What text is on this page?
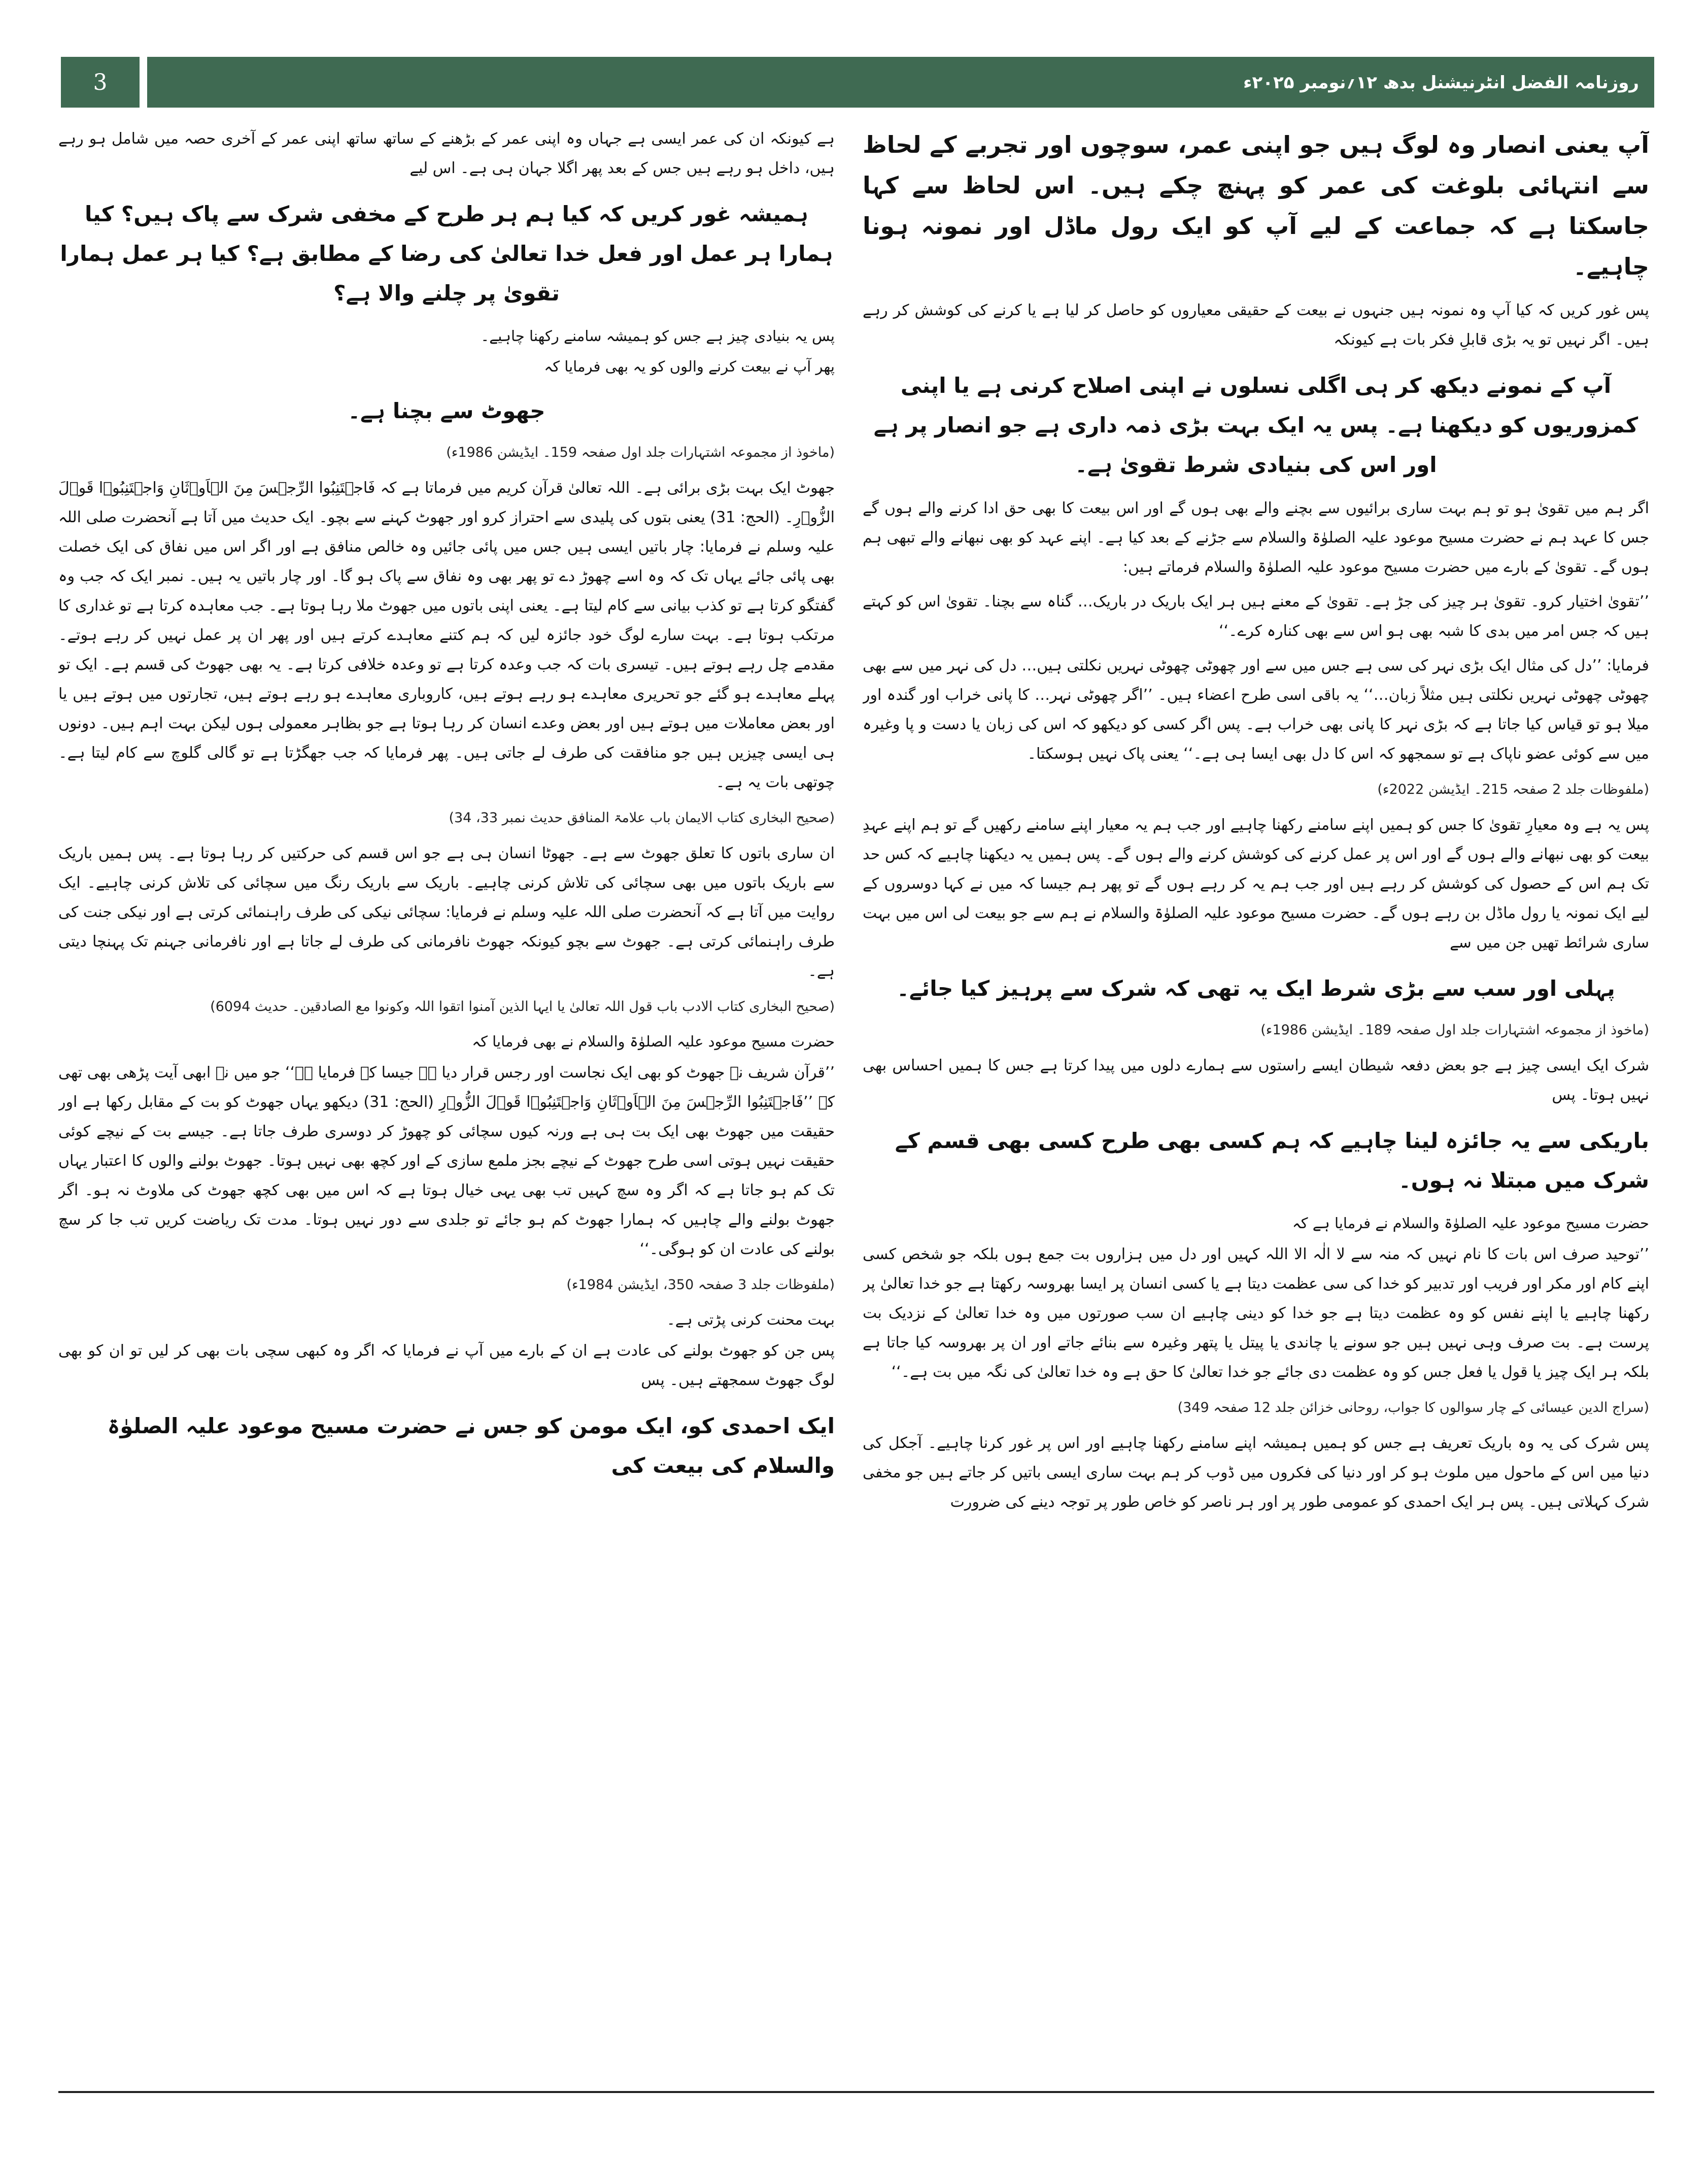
3	روزنامہ الفضل انٹرنیشنل بدھ ۱۲؍نومبر ۲۰۲۵ء

آپ یعنی انصار وہ لوگ ہیں جو اپنی عمر، سوچوں اور تجربے کے لحاظ سے انتہائی بلوغت کی عمر کو پہنچ چکے ہیں۔ اس لحاظ سے کہا جاسکتا ہے کہ جماعت کے لیے آپ کو ایک رول ماڈل اور نمونہ ہونا چاہیے۔

پس غور کریں کہ کیا آپ وہ نمونہ ہیں جنہوں نے بیعت کے حقیقی معیاروں کو حاصل کر لیا ہے یا کرنے کی کوشش کر رہے ہیں۔ اگر نہیں تو یہ بڑی قابلِ فکر بات ہے کیونکہ

آپ کے نمونے دیکھ کر ہی اگلی نسلوں نے اپنی اصلاح کرنی ہے یا اپنی کمزوریوں کو دیکھنا ہے۔ پس یہ ایک بہت بڑی ذمہ داری ہے جو انصار پر ہے اور اس کی بنیادی شرط تقویٰ ہے۔

اگر ہم میں تقویٰ ہو تو ہم بہت ساری برائیوں سے بچنے والے بھی ہوں گے اور اس بیعت کا بھی حق ادا کرنے والے ہوں گے جس کا عہد ہم نے حضرت مسیح موعود علیہ الصلوٰۃ والسلام سے جڑنے کے بعد کیا ہے۔ اپنے عہد کو بھی نبھانے والے تبھی ہم ہوں گے۔ تقویٰ کے بارے میں حضرت مسیح موعود علیہ الصلوٰۃ والسلام فرماتے ہیں:

’’تقویٰ اختیار کرو۔ تقویٰ ہر چیز کی جڑ ہے۔ تقویٰ کے معنے ہیں ہر ایک باریک در باریک… گناہ سے بچنا۔ تقویٰ اس کو کہتے ہیں کہ جس امر میں بدی کا شبہ بھی ہو اس سے بھی کنارہ کرے۔‘‘

فرمایا: ’’دل کی مثال ایک بڑی نہر کی سی ہے جس میں سے اور چھوٹی چھوٹی نہریں نکلتی ہیں… دل کی نہر میں سے بھی چھوٹی چھوٹی نہریں نکلتی ہیں مثلاً زبان…‘‘ یہ باقی اسی طرح اعضاء ہیں۔ ’’اگر چھوٹی نہر… کا پانی خراب اور گندہ اور میلا ہو تو قیاس کیا جاتا ہے کہ بڑی نہر کا پانی بھی خراب ہے۔ پس اگر کسی کو دیکھو کہ اس کی زبان یا دست و پا وغیرہ میں سے کوئی عضو ناپاک ہے تو سمجھو کہ اس کا دل بھی ایسا ہی ہے۔‘‘ یعنی پاک نہیں ہوسکتا۔

(ملفوظات جلد 2 صفحہ 215۔ ایڈیشن 2022ء)

پس یہ ہے وہ معیارِ تقویٰ کا جس کو ہمیں اپنے سامنے رکھنا چاہیے اور جب ہم یہ معیار اپنے سامنے رکھیں گے تو ہم اپنے عہدِ بیعت کو بھی نبھانے والے ہوں گے اور اس پر عمل کرنے کی کوشش کرنے والے ہوں گے۔ پس ہمیں یہ دیکھنا چاہیے کہ کس حد تک ہم اس کے حصول کی کوشش کر رہے ہیں اور جب ہم یہ کر رہے ہوں گے تو پھر ہم جیسا کہ میں نے کہا دوسروں کے لیے ایک نمونہ یا رول ماڈل بن رہے ہوں گے۔ حضرت مسیح موعود علیہ الصلوٰۃ والسلام نے ہم سے جو بیعت لی اس میں بہت ساری شرائط تھیں جن میں سے

پہلی اور سب سے بڑی شرط ایک یہ تھی کہ شرک سے پرہیز کیا جائے۔

(ماخوذ از مجموعہ اشتہارات جلد اول صفحہ 189۔ ایڈیشن 1986ء)

شرک ایک ایسی چیز ہے جو بعض دفعہ شیطان ایسے راستوں سے ہمارے دلوں میں پیدا کرتا ہے جس کا ہمیں احساس بھی نہیں ہوتا۔ پس

باریکی سے یہ جائزہ لینا چاہیے کہ ہم کسی بھی طرح کسی بھی قسم کے شرک میں مبتلا نہ ہوں۔

حضرت مسیح موعود علیہ الصلوٰۃ والسلام نے فرمایا ہے کہ

’’توحید صرف اس بات کا نام نہیں کہ منہ سے لا الٰہ الا اللہ کہیں اور دل میں ہزاروں بت جمع ہوں بلکہ جو شخص کسی اپنے کام اور مکر اور فریب اور تدبیر کو خدا کی سی عظمت دیتا ہے یا کسی انسان پر ایسا بھروسہ رکھتا ہے جو خدا تعالیٰ پر رکھنا چاہیے یا اپنے نفس کو وہ عظمت دیتا ہے جو خدا کو دینی چاہیے ان سب صورتوں میں وہ خدا تعالیٰ کے نزدیک بت پرست ہے۔ بت صرف وہی نہیں ہیں جو سونے یا چاندی یا پیتل یا پتھر وغیرہ سے بنائے جاتے اور ان پر بھروسہ کیا جاتا ہے بلکہ ہر ایک چیز یا قول یا فعل جس کو وہ عظمت دی جائے جو خدا تعالیٰ کا حق ہے وہ خدا تعالیٰ کی نگہ میں بت ہے۔‘‘

(سراج الدین عیسائی کے چار سوالوں کا جواب، روحانی خزائن جلد 12 صفحہ 349)

پس شرک کی یہ وہ باریک تعریف ہے جس کو ہمیں ہمیشہ اپنے سامنے رکھنا چاہیے اور اس پر غور کرنا چاہیے۔ آجکل کی دنیا میں اس کے ماحول میں ملوث ہو کر اور دنیا کی فکروں میں ڈوب کر ہم بہت ساری ایسی باتیں کر جاتے ہیں جو مخفی شرک کہلاتی ہیں۔ پس ہر ایک احمدی کو عمومی طور پر اور ہر ناصر کو خاص طور پر توجہ دینے کی ضرورت

ہے کیونکہ ان کی عمر ایسی ہے جہاں وہ اپنی عمر کے بڑھنے کے ساتھ ساتھ اپنی عمر کے آخری حصہ میں شامل ہو رہے ہیں، داخل ہو رہے ہیں جس کے بعد پھر اگلا جہان ہی ہے۔ اس لیے

ہمیشہ غور کریں کہ کیا ہم ہر طرح کے مخفی شرک سے پاک ہیں؟ کیا ہمارا ہر عمل اور فعل خدا تعالیٰ کی رضا کے مطابق ہے؟ کیا ہر عمل ہمارا تقویٰ پر چلنے والا ہے؟

پس یہ بنیادی چیز ہے جس کو ہمیشہ سامنے رکھنا چاہیے۔

پھر آپ نے بیعت کرنے والوں کو یہ بھی فرمایا کہ

جھوٹ سے بچنا ہے۔

(ماخوذ از مجموعہ اشتہارات جلد اول صفحہ 159۔ ایڈیشن 1986ء)

جھوٹ ایک بہت بڑی برائی ہے۔ اللہ تعالیٰ قرآن کریم میں فرماتا ہے کہ فَاجۡتَنِبُوا الرِّجۡسَ مِنَ الۡاَوۡثَانِ وَاجۡتَنِبُوۡا قَوۡلَ الزُّوۡرِ۔ (الحج: 31) یعنی بتوں کی پلیدی سے احتراز کرو اور جھوٹ کہنے سے بچو۔ ایک حدیث میں آتا ہے آنحضرت صلی اللہ علیہ وسلم نے فرمایا: چار باتیں ایسی ہیں جس میں پائی جائیں وہ خالص منافق ہے اور اگر اس میں نفاق کی ایک خصلت بھی پائی جائے یہاں تک کہ وہ اسے چھوڑ دے تو پھر بھی وہ نفاق سے پاک ہو گا۔ اور چار باتیں یہ ہیں۔ نمبر ایک کہ جب وہ گفتگو کرتا ہے تو کذب بیانی سے کام لیتا ہے۔ یعنی اپنی باتوں میں جھوٹ ملا رہا ہوتا ہے۔ جب معاہدہ کرتا ہے تو غداری کا مرتکب ہوتا ہے۔ بہت سارے لوگ خود جائزہ لیں کہ ہم کتنے معاہدے کرتے ہیں اور پھر ان پر عمل نہیں کر رہے ہوتے۔ مقدمے چل رہے ہوتے ہیں۔ تیسری بات کہ جب وعدہ کرتا ہے تو وعدہ خلافی کرتا ہے۔ یہ بھی جھوٹ کی قسم ہے۔ ایک تو پہلے معاہدے ہو گئے جو تحریری معاہدے ہو رہے ہوتے ہیں، کاروباری معاہدے ہو رہے ہوتے ہیں، تجارتوں میں ہوتے ہیں یا اور بعض معاملات میں ہوتے ہیں اور بعض وعدے انسان کر رہا ہوتا ہے جو بظاہر معمولی ہوں لیکن بہت اہم ہیں۔ دونوں ہی ایسی چیزیں ہیں جو منافقت کی طرف لے جاتی ہیں۔ پھر فرمایا کہ جب جھگڑتا ہے تو گالی گلوچ سے کام لیتا ہے۔ چوتھی بات یہ ہے۔

(صحیح البخاری کتاب الایمان باب علامۃ المنافق حدیث نمبر 33، 34)

ان ساری باتوں کا تعلق جھوٹ سے ہے۔ جھوٹا انسان ہی ہے جو اس قسم کی حرکتیں کر رہا ہوتا ہے۔ پس ہمیں باریک سے باریک باتوں میں بھی سچائی کی تلاش کرنی چاہیے۔ باریک سے باریک رنگ میں سچائی کی تلاش کرنی چاہیے۔ ایک روایت میں آتا ہے کہ آنحضرت صلی اللہ علیہ وسلم نے فرمایا: سچائی نیکی کی طرف راہنمائی کرتی ہے اور نیکی جنت کی طرف راہنمائی کرتی ہے۔ جھوٹ سے بچو کیونکہ جھوٹ نافرمانی کی طرف لے جاتا ہے اور نافرمانی جہنم تک پہنچا دیتی ہے۔

(صحیح البخاری کتاب الادب باب قول اللہ تعالیٰ یا ایہا الذین آمنوا اتقوا اللہ وکونوا مع الصادقین۔ حدیث 6094)

حضرت مسیح موعود علیہ الصلوٰۃ والسلام نے بھی فرمایا کہ

’’قرآن شریف نے جھوٹ کو بھی ایک نجاست اور رجس قرار دیا ہے جیسا کہ فرمایا ہے‘‘ جو میں نے ابھی آیت پڑھی بھی تھی کہ ’’فَاجۡتَنِبُوا الرِّجۡسَ مِنَ الۡاَوۡثَانِ وَاجۡتَنِبُوۡا قَوۡلَ الزُّوۡرِ (الحج: 31) دیکھو یہاں جھوٹ کو بت کے مقابل رکھا ہے اور حقیقت میں جھوٹ بھی ایک بت ہی ہے ورنہ کیوں سچائی کو چھوڑ کر دوسری طرف جاتا ہے۔ جیسے بت کے نیچے کوئی حقیقت نہیں ہوتی اسی طرح جھوٹ کے نیچے بجز ملمع سازی کے اور کچھ بھی نہیں ہوتا۔ جھوٹ بولنے والوں کا اعتبار یہاں تک کم ہو جاتا ہے کہ اگر وہ سچ کہیں تب بھی یہی خیال ہوتا ہے کہ اس میں بھی کچھ جھوٹ کی ملاوٹ نہ ہو۔ اگر جھوٹ بولنے والے چاہیں کہ ہمارا جھوٹ کم ہو جائے تو جلدی سے دور نہیں ہوتا۔ مدت تک ریاضت کریں تب جا کر سچ بولنے کی عادت ان کو ہوگی۔‘‘

(ملفوظات جلد 3 صفحہ 350، ایڈیشن 1984ء)

بہت محنت کرنی پڑتی ہے۔

پس جن کو جھوٹ بولنے کی عادت ہے ان کے بارے میں آپ نے فرمایا کہ اگر وہ کبھی سچی بات بھی کر لیں تو ان کو بھی لوگ جھوٹ سمجھتے ہیں۔ پس

ایک احمدی کو، ایک مومن کو جس نے حضرت مسیح موعود علیہ الصلوٰۃ والسلام کی بیعت کی
